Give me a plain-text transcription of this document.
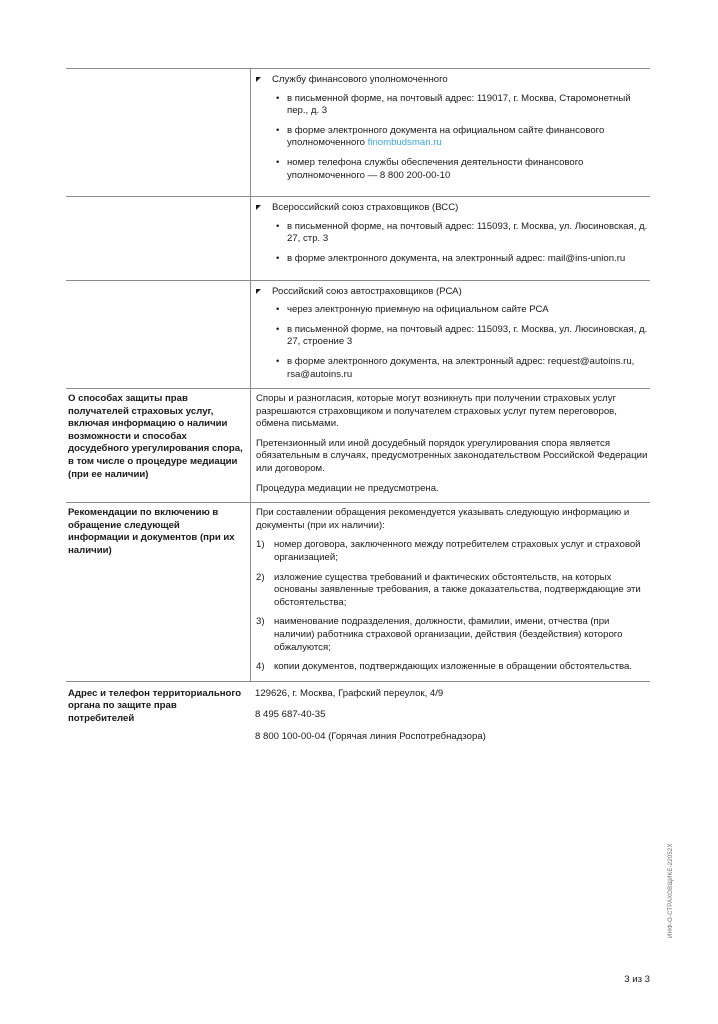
Службу финансового уполномоченного
• в письменной форме, на почтовый адрес: 119017, г. Москва, Старомонетный пер., д. 3
• в форме электронного документа на официальном сайте финансового уполномоченного finombudsman.ru
• номер телефона службы обеспечения деятельности финансового уполномоченного — 8 800 200-00-10
Всероссийский союз страховщиков (ВСС)
• в письменной форме, на почтовый адрес: 115093, г. Москва, ул. Люсиновская, д. 27, стр. 3
• в форме электронного документа, на электронный адрес: mail@ins-union.ru
Российский союз автостраховщиков (РСА)
• через электронную приемную на официальном сайте РСА
• в письменной форме, на почтовый адрес: 115093, г. Москва, ул. Люсиновская, д. 27, строение 3
• в форме электронного документа, на электронный адрес: request@autoins.ru, rsa@autoins.ru
О способах защиты прав получателей страховых услуг, включая информацию о наличии возможности и способах досудебного урегулирования спора, в том числе о процедуре медиации (при ее наличии)
Споры и разногласия, которые могут возникнуть при получении страховых услуг разрешаются страховщиком и получателем страховых услуг путем переговоров, обмена письмами.
Претензионный или иной досудебный порядок урегулирования спора является обязательным в случаях, предусмотренных законодательством Российской Федерации или договором.
Процедура медиации не предусмотрена.
Рекомендации по включению в обращение следующей информации и документов (при их наличии)
При составлении обращения рекомендуется указывать следующую информацию и документы (при их наличии):
1) номер договора, заключенного между потребителем страховых услуг и страховой организацией;
2) изложение существа требований и фактических обстоятельств, на которых основаны заявленные требования, а также доказательства, подтверждающие эти обстоятельства;
3) наименование подразделения, должности, фамилии, имени, отчества (при наличии) работника страховой организации, действия (бездействия) которого обжалуются;
4) копии документов, подтверждающих изложенные в обращении обстоятельства.
Адрес и телефон территориального органа по защите прав потребителей
129626, г. Москва, Графский переулок, 4/9
8 495 687-40-35
8 800 100-00-04 (Горячая линия Роспотребнадзора)
ИНФ-О-СТРАХОВЩИКЕ-22052Х
3 из 3
